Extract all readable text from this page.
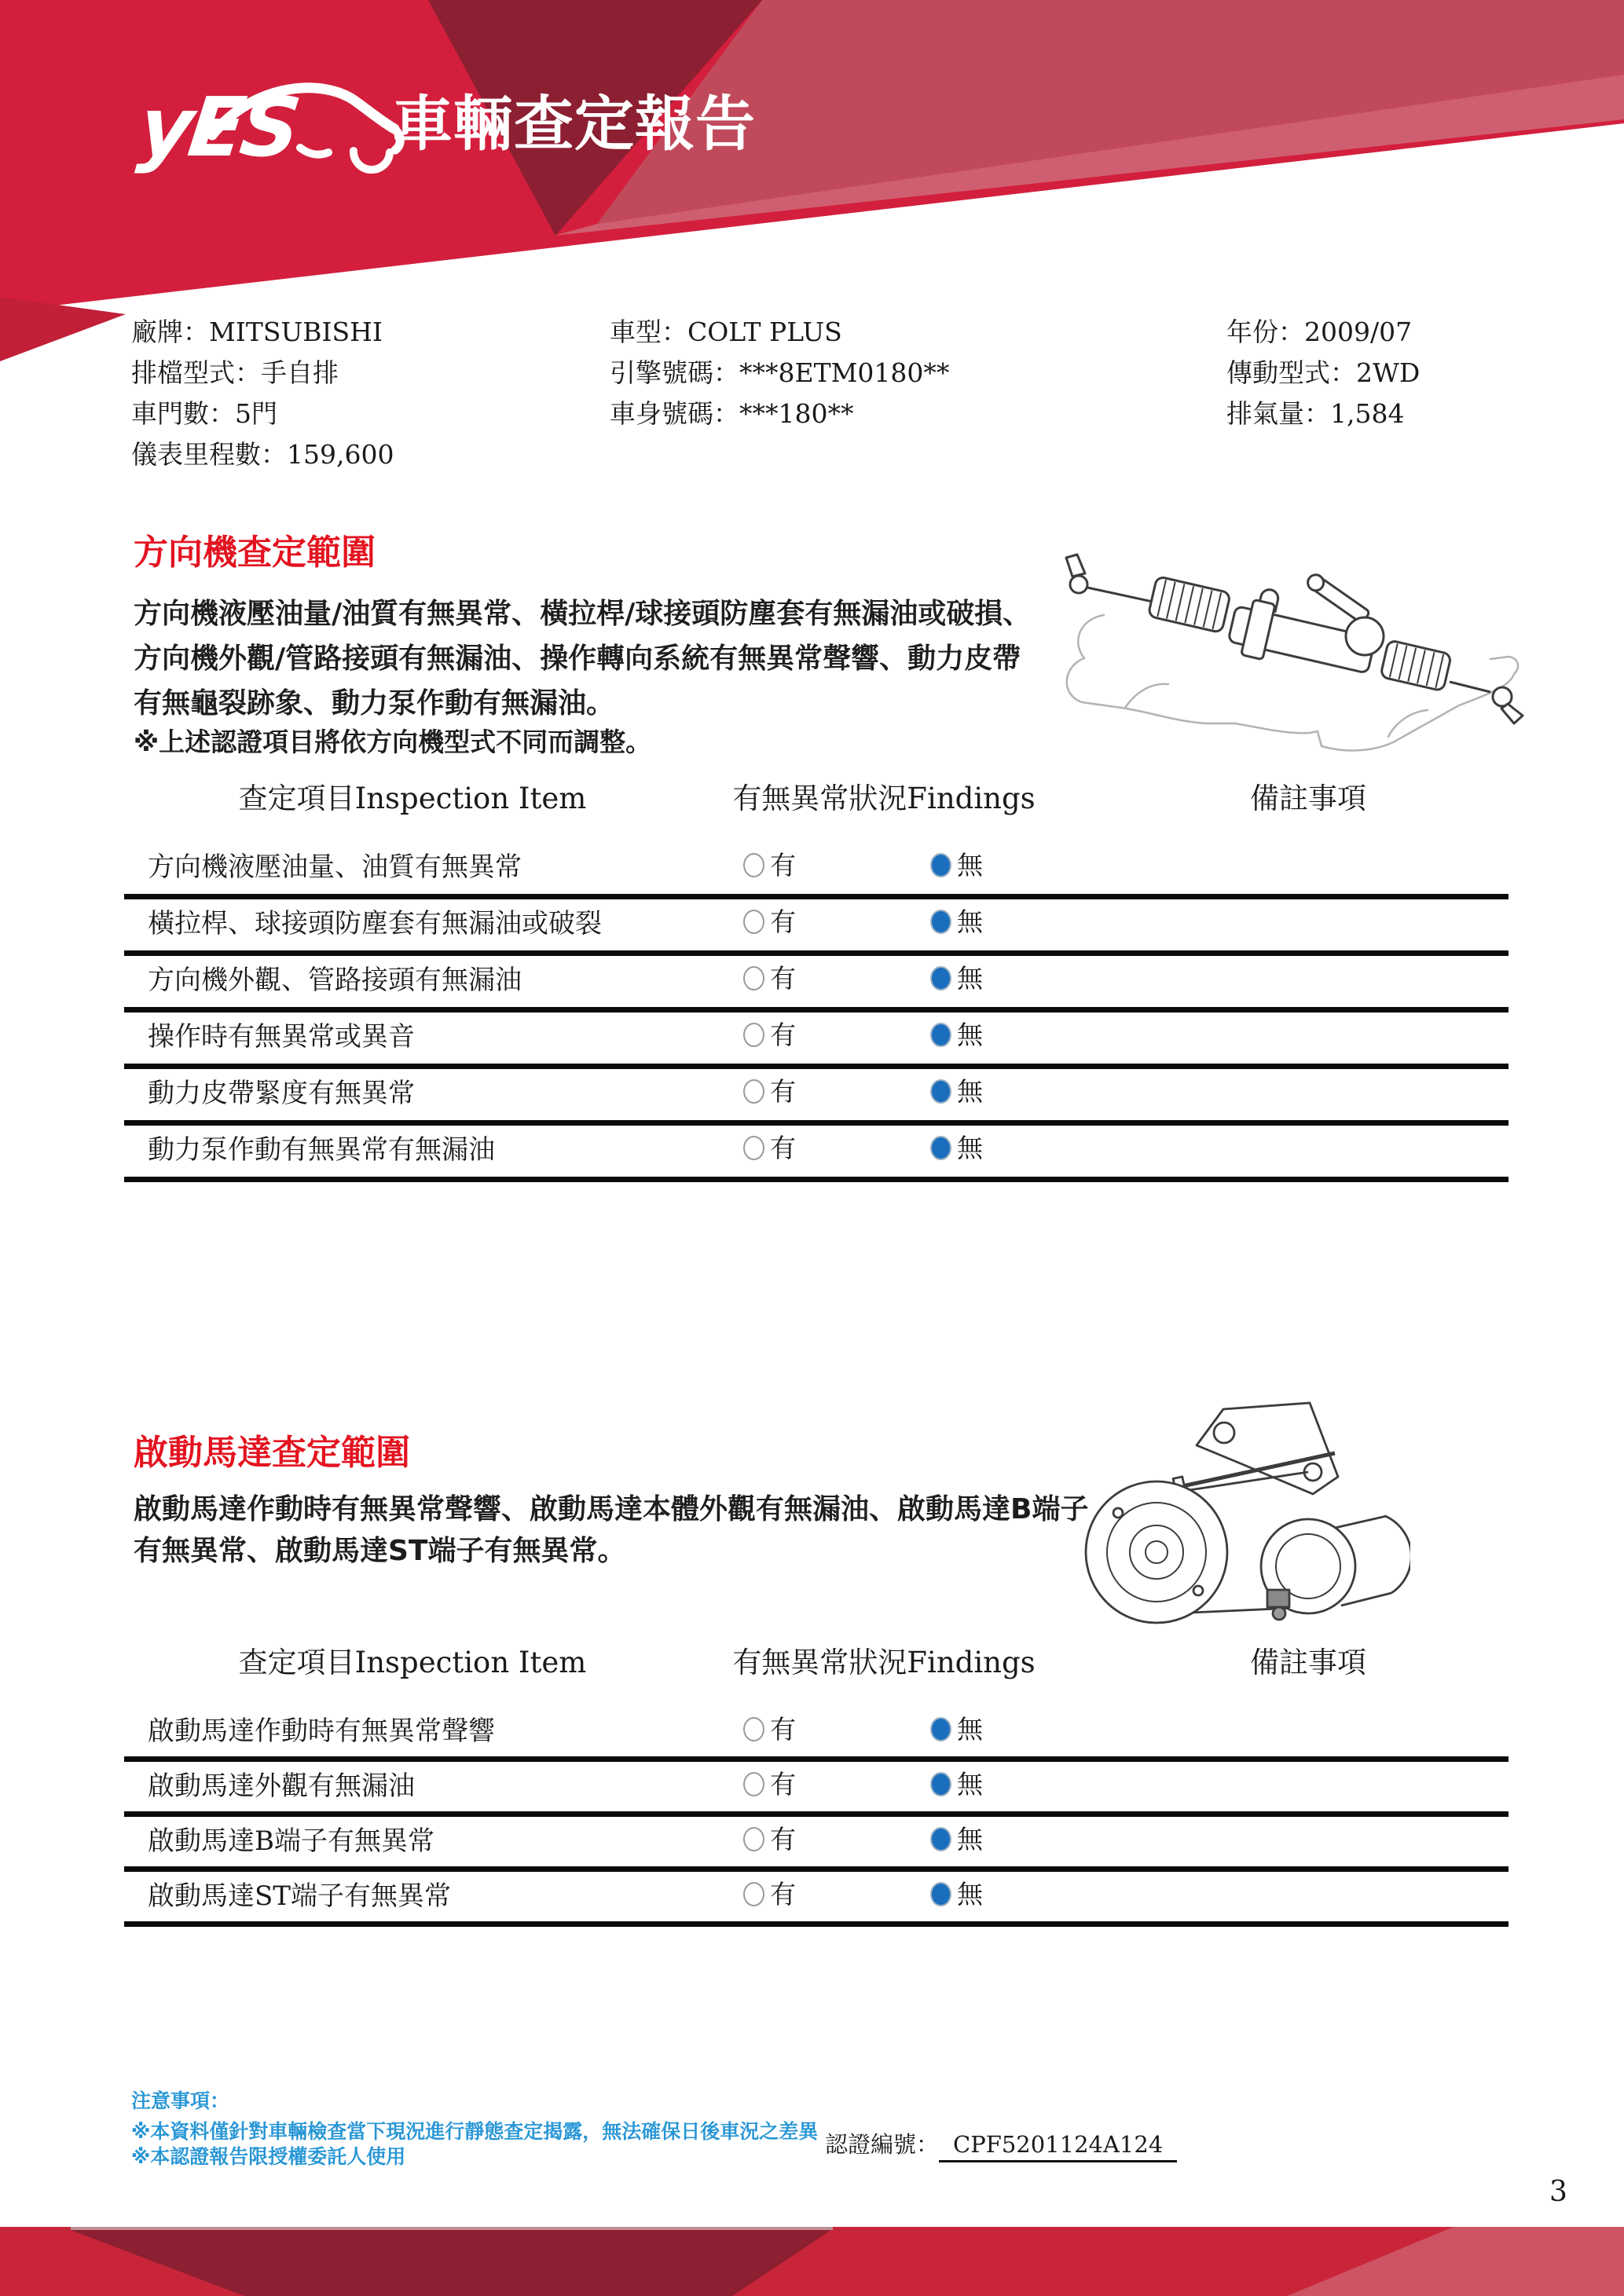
yES 車輛查定報告
廠牌：MITSUBISHI
排檔型式：手自排
車門數：5門
儀表里程數：159,600
車型：COLT PLUS
引擎號碼：***8ETM0180**
車身號碼：***180**
年份：2009/07
傳動型式：2WD
排氣量：1,584
方向機查定範圍
方向機液壓油量/油質有無異常、橫拉桿/球接頭防塵套有無漏油或破損、
方向機外觀/管路接頭有無漏油、操作轉向系統有無異常聲響、動力皮帶
有無龜裂跡象、動力泵作動有無漏油。
※上述認證項目將依方向機型式不同而調整。
查定項目Inspection Item	有無異常狀況Findings	備註事項
方向機液壓油量、油質有無異常	有	無
橫拉桿、球接頭防塵套有無漏油或破裂	有	無
方向機外觀、管路接頭有無漏油	有	無
操作時有無異常或異音	有	無
動力皮帶緊度有無異常	有	無
動力泵作動有無異常有無漏油	有	無
啟動馬達查定範圍
啟動馬達作動時有無異常聲響、啟動馬達本體外觀有無漏油、啟動馬達B端子
有無異常、啟動馬達ST端子有無異常。
查定項目Inspection Item	有無異常狀況Findings	備註事項
啟動馬達作動時有無異常聲響	有	無
啟動馬達外觀有無漏油	有	無
啟動馬達B端子有無異常	有	無
啟動馬達ST端子有無異常	有	無
注意事項：
※本資料僅針對車輛檢查當下現況進行靜態查定揭露，無法確保日後車況之差異
※本認證報告限授權委託人使用	認證編號： CPF5201124A124
3
